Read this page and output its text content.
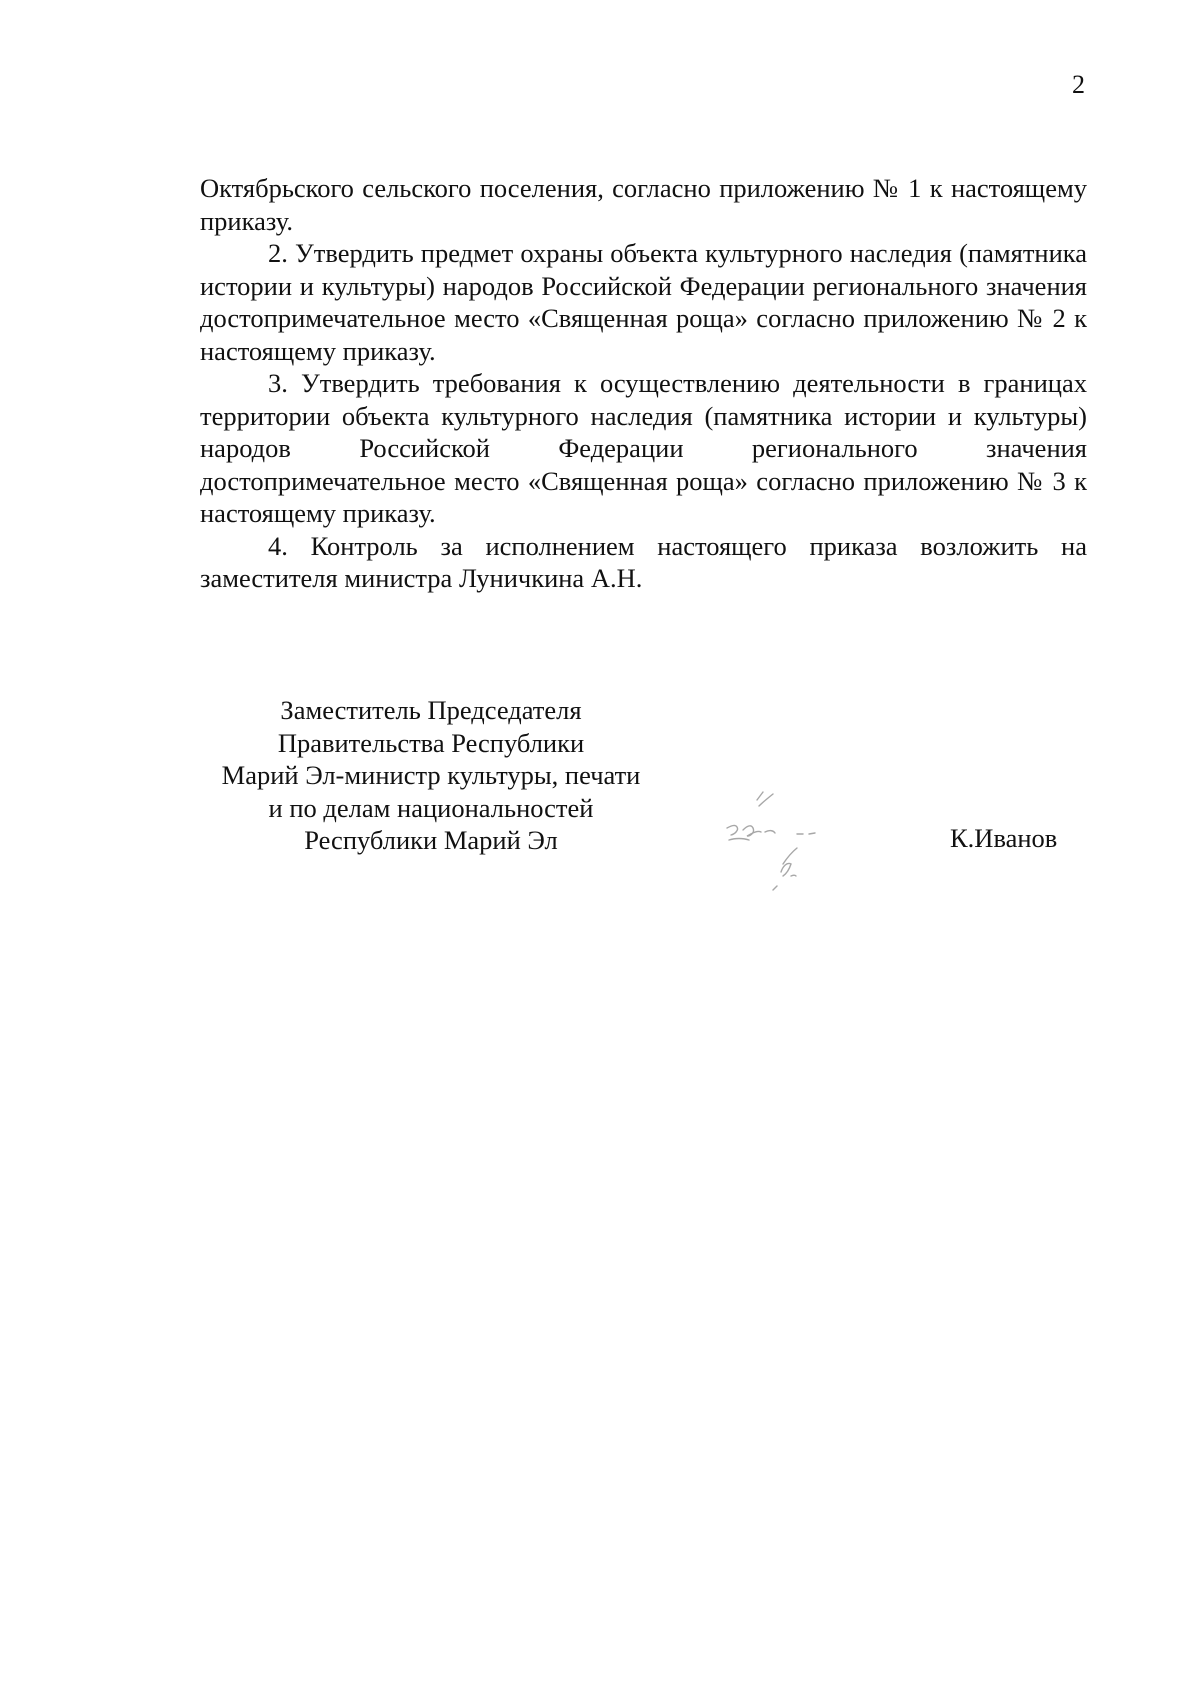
2

Октябрьского сельского поселения, согласно приложению № 1 к настоящему приказу.

2. Утвердить предмет охраны объекта культурного наследия (памятника истории и культуры) народов Российской Федерации регионального значения достопримечательное место «Священная роща» согласно приложению № 2 к настоящему приказу.

3. Утвердить требования к осуществлению деятельности в границах территории объекта культурного наследия (памятника истории и культуры) народов Российской Федерации регионального значения достопримечательное место «Священная роща» согласно приложению № 3 к настоящему приказу.

4. Контроль за исполнением настоящего приказа возложить на заместителя министра Луничкина А.Н.

Заместитель Председателя
Правительства Республики
Марий Эл-министр культуры, печати
и по делам национальностей
Республики Марий Эл	К.Иванов
